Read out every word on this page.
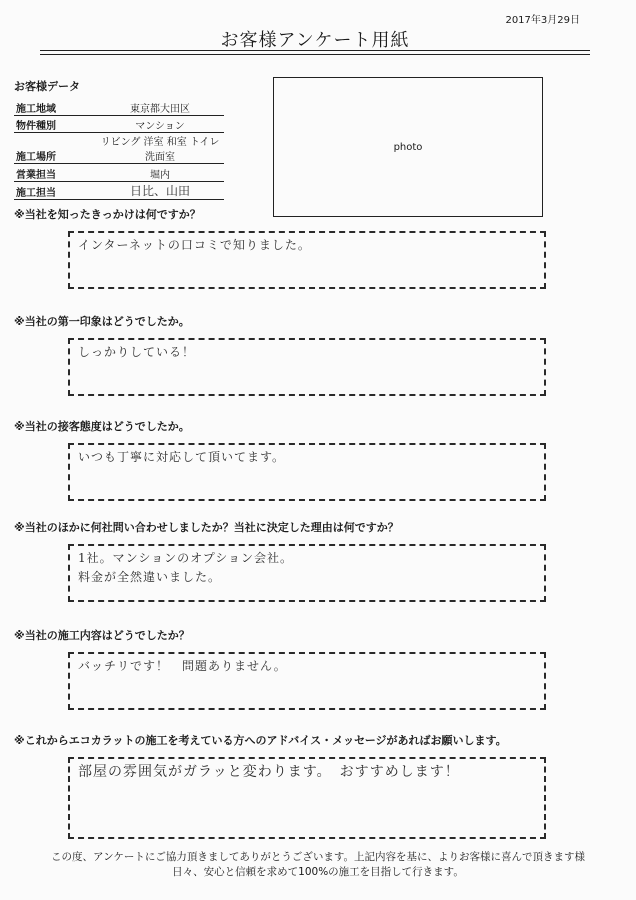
2017年3月29日
お客様アンケート用紙
お客様データ
施工地域	東京都大田区
物件種別	マンション
施工場所	リビング 洋室 和室 トイレ 洗面室
営業担当	堀内
施工担当	日比、山田
photo
※当社を知ったきっかけは何ですか？
インターネットの口コミで知りました。
※当社の第一印象はどうでしたか。
しっかりしている！
※当社の接客態度はどうでしたか。
いつも丁寧に対応して頂いてます。
※当社のほかに何社問い合わせしましたか？当社に決定した理由は何ですか？
1社。マンションのオプション会社。
料金が全然違いました。
※当社の施工内容はどうでしたか？
バッチリです！　問題ありません。
※これからエコカラットの施工を考えている方へのアドバイス・メッセージがあればお願いします。
部屋の雰囲気がガラッと変わります。　おすすめします！
この度、アンケートにご協力頂きましてありがとうございます。上記内容を基に、よりお客様に喜んで頂きます様
日々、安心と信頼を求めて100%の施工を目指して行きます。
